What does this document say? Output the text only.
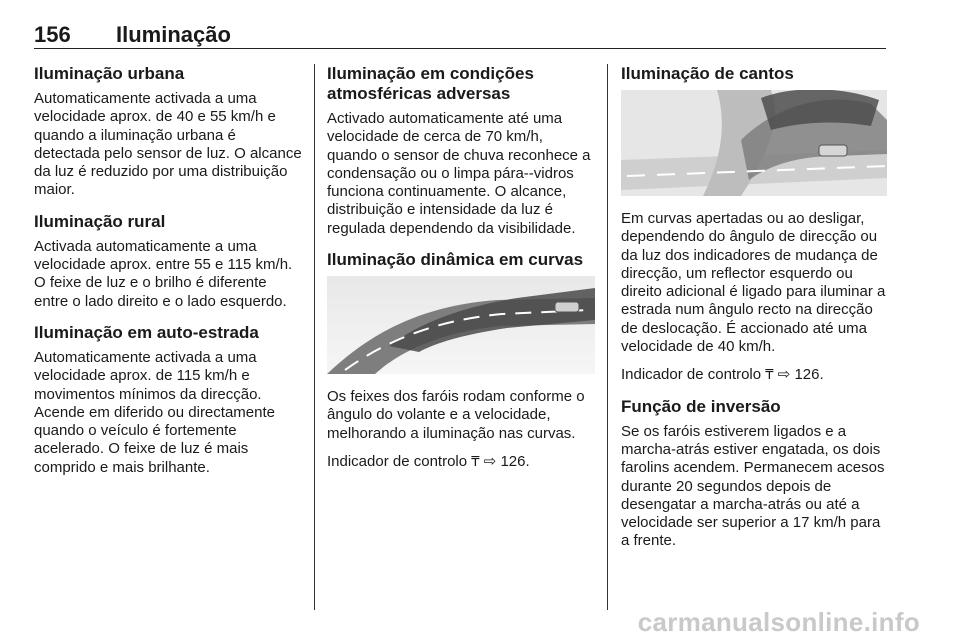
156 Iluminação
Iluminação urbana

Automaticamente activada a uma velocidade aprox. de 40 e 55 km/h e quando a iluminação urbana é detectada pelo sensor de luz. O alcance da luz é reduzido por uma distribuição maior.

Iluminação rural

Activada automaticamente a uma velocidade aprox. entre 55 e 115 km/h. O feixe de luz e o brilho é diferente entre o lado direito e o lado esquerdo.

Iluminação em auto-estrada

Automaticamente activada a uma velocidade aprox. de 115 km/h e movimentos mínimos da direcção. Acende em diferido ou directamente quando o veículo é fortemente acelerado. O feixe de luz é mais comprido e mais brilhante.

Iluminação em condições atmosféricas adversas

Activado automaticamente até uma velocidade de cerca de 70 km/h, quando o sensor de chuva reconhece a condensação ou o limpa pára--vidros funciona continuamente. O alcance, distribuição e intensidade da luz é regulada dependendo da visibilidade.

Iluminação dinâmica em curvas

Os feixes dos faróis rodam conforme o ângulo do volante e a velocidade, melhorando a iluminação nas curvas.

Indicador de controlo ₸ ⇨ 126.

Iluminação de cantos

Em curvas apertadas ou ao desligar, dependendo do ângulo de direcção ou da luz dos indicadores de mudança de direcção, um reflector esquerdo ou direito adicional é ligado para iluminar a estrada num ângulo recto na direcção de deslocação. É accionado até uma velocidade de 40 km/h.

Indicador de controlo ₸ ⇨ 126.

Função de inversão

Se os faróis estiverem ligados e a marcha-atrás estiver engatada, os dois farolins acendem. Permanecem acesos durante 20 segundos depois de desengatar a marcha-atrás ou até a velocidade ser superior a 17 km/h para a frente.

carmanualsonline.info
